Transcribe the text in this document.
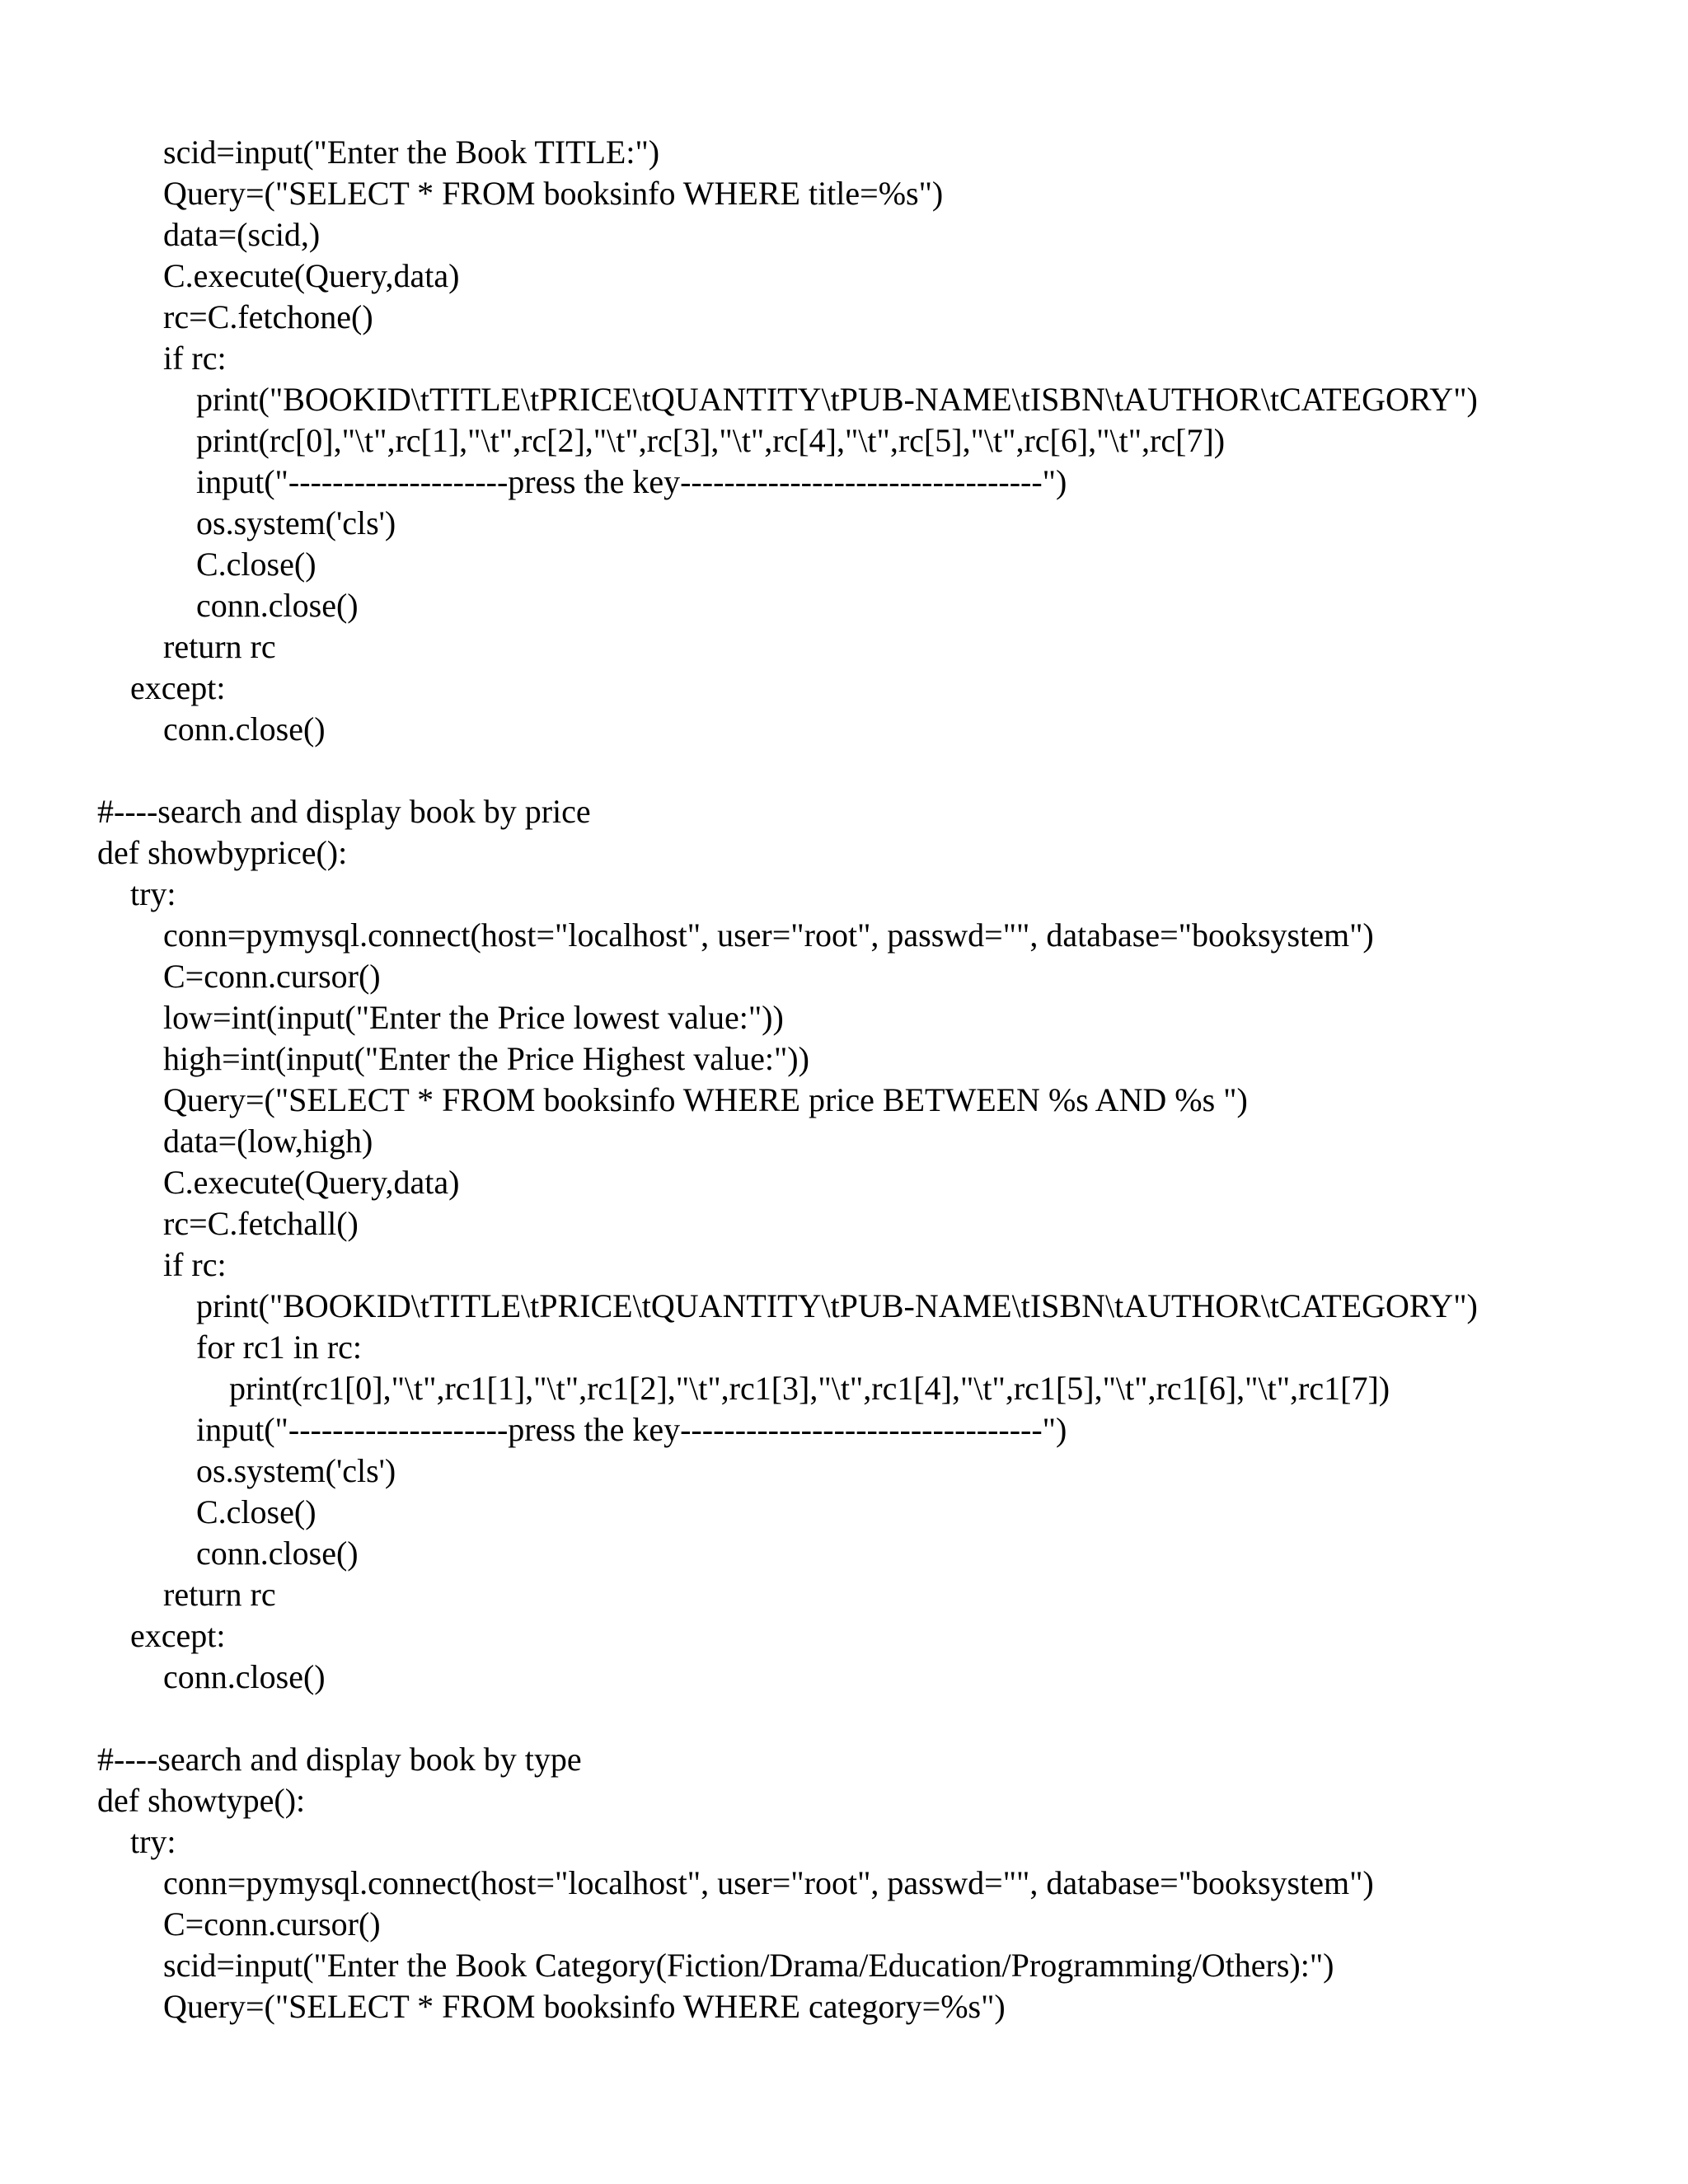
scid=input("Enter the Book TITLE:")
Query=("SELECT * FROM booksinfo WHERE title=%s")
data=(scid,)
C.execute(Query,data)
rc=C.fetchone()
if rc:
print("BOOKID\tTITLE\tPRICE\tQUANTITY\tPUB-NAME\tISBN\tAUTHOR\tCATEGORY")
print(rc[0],"\t",rc[1],"\t",rc[2],"\t",rc[3],"\t",rc[4],"\t",rc[5],"\t",rc[6],"\t",rc[7])
input("--------------------press the key---------------------------------")
os.system('cls')
C.close()
conn.close()
return rc
except:
conn.close()
#----search and display book by price
def showbyprice():
try:
conn=pymysql.connect(host="localhost", user="root", passwd="", database="booksystem")
C=conn.cursor()
low=int(input("Enter the Price lowest value:"))
high=int(input("Enter the Price Highest value:"))
Query=("SELECT * FROM booksinfo WHERE price BETWEEN %s AND %s ")
data=(low,high)
C.execute(Query,data)
rc=C.fetchall()
if rc:
print("BOOKID\tTITLE\tPRICE\tQUANTITY\tPUB-NAME\tISBN\tAUTHOR\tCATEGORY")
for rc1 in rc:
print(rc1[0],"\t",rc1[1],"\t",rc1[2],"\t",rc1[3],"\t",rc1[4],"\t",rc1[5],"\t",rc1[6],"\t",rc1[7])
input("--------------------press the key---------------------------------")
os.system('cls')
C.close()
conn.close()
return rc
except:
conn.close()
#----search and display book by type
def showtype():
try:
conn=pymysql.connect(host="localhost", user="root", passwd="", database="booksystem")
C=conn.cursor()
scid=input("Enter the Book Category(Fiction/Drama/Education/Programming/Others):")
Query=("SELECT * FROM booksinfo WHERE category=%s")
